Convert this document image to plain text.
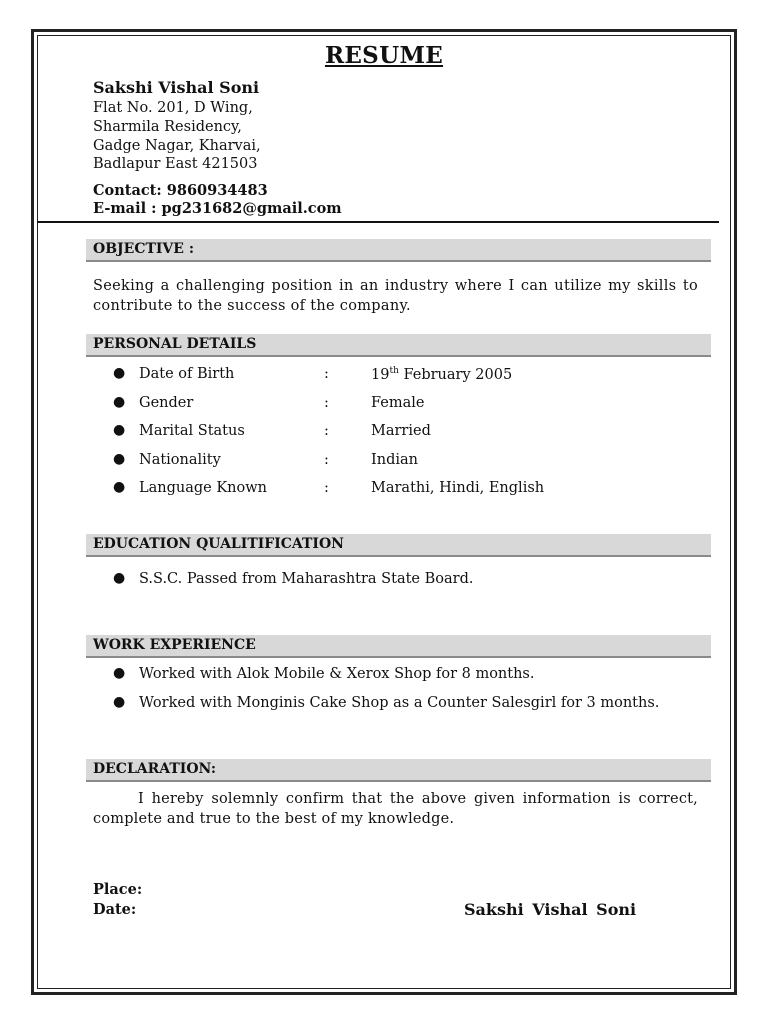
RESUME
Sakshi Vishal Soni
Flat No. 201, D Wing,
Sharmila Residency,
Gadge Nagar, Kharvai,
Badlapur East 421503
Contact: 9860934483
E-mail : pg231682@gmail.com
OBJECTIVE :
Seeking a challenging position in an industry where I can utilize my skills to contribute to the success of the company.
PERSONAL DETAILS
● Date of Birth	:	19th February 2005
● Gender	:	Female
● Marital Status	:	Married
● Nationality	:	Indian
● Language Known	:	Marathi, Hindi, English
EDUCATION QUALITIFICATION
● S.S.C. Passed from Maharashtra State Board.
WORK EXPERIENCE
● Worked with Alok Mobile & Xerox Shop for 8 months.
● Worked with Monginis Cake Shop as a Counter Salesgirl for 3 months.
DECLARATION:
I hereby solemnly confirm that the above given information is correct, complete and true to the best of my knowledge.
Place:
Date:	Sakshi Vishal Soni
